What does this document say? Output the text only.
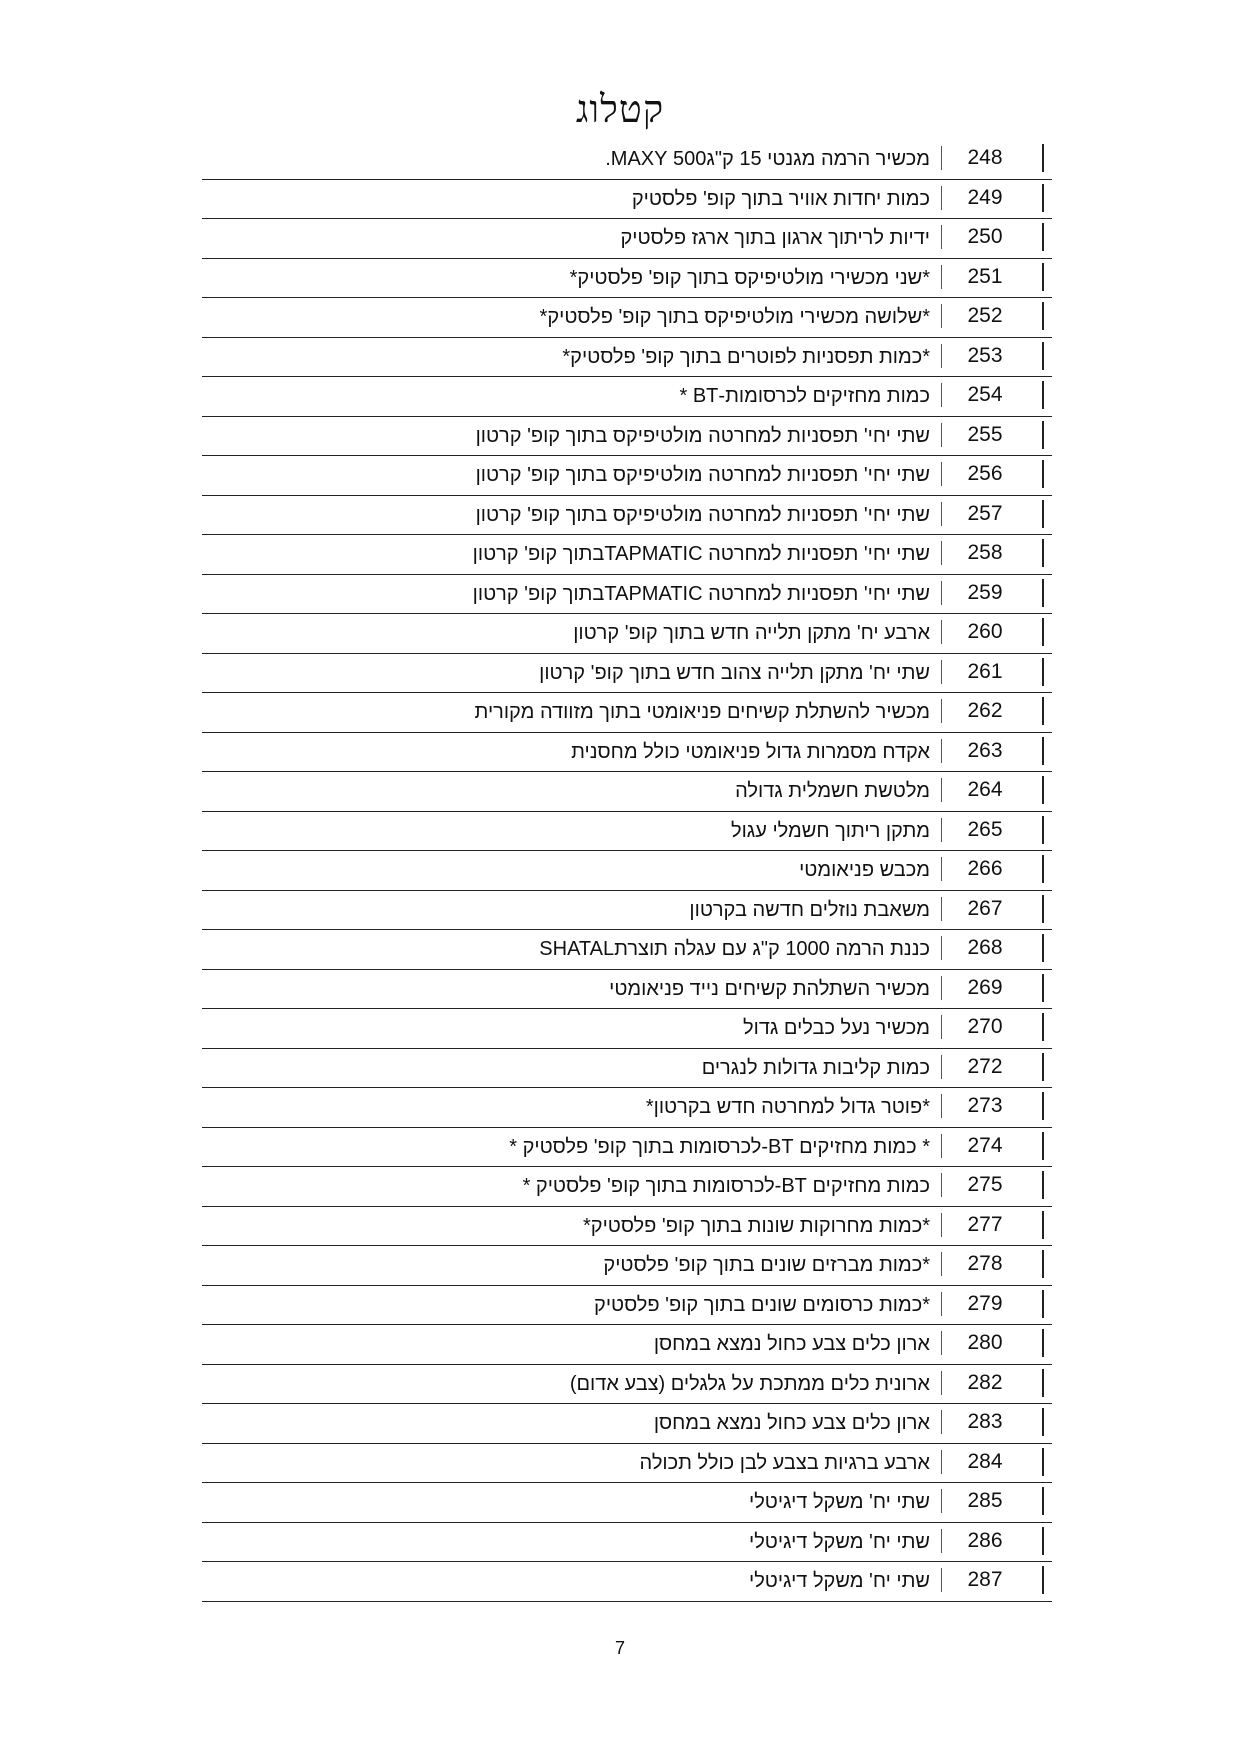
קטלוג
248
מכשיר הרמה מגנטי 15 ק"ג500 MAXY.
249
כמות יחדות אוויר בתוך קופ' פלסטיק
250
ידיות לריתוך ארגון בתוך ארגז פלסטיק
251
*שני מכשירי מולטיפיקס בתוך קופ' פלסטיק*
252
*שלושה מכשירי מולטיפיקס בתוך קופ' פלסטיק*
253
*כמות תפסניות לפוטרים בתוך קופ' פלסטיק*
254
כמות מחזיקים לכרסומות-BT *
255
שתי יחי' תפסניות למחרטה מולטיפיקס בתוך קופ' קרטון
256
שתי יחי' תפסניות למחרטה מולטיפיקס בתוך קופ' קרטון
257
שתי יחי' תפסניות למחרטה מולטיפיקס בתוך קופ' קרטון
258
שתי יחי' תפסניות למחרטה TAPMATICבתוך קופ' קרטון
259
שתי יחי' תפסניות למחרטה TAPMATICבתוך קופ' קרטון
260
ארבע יח' מתקן תלייה חדש בתוך קופ' קרטון
261
שתי יח' מתקן תלייה צהוב חדש בתוך קופ' קרטון
262
מכשיר להשתלת קשיחים פניאומטי בתוך מזוודה מקורית
263
אקדח מסמרות גדול פניאומטי כולל מחסנית
264
מלטשת חשמלית גדולה
265
מתקן ריתוך חשמלי עגול
266
מכבש פניאומטי
267
משאבת נוזלים חדשה בקרטון
268
כננת הרמה 1000 ק"ג עם עגלה תוצרתSHATAL
269
מכשיר השתלהת קשיחים נייד פניאומטי
270
מכשיר נעל כבלים גדול
272
כמות קליבות גדולות לנגרים
273
*פוטר גדול למחרטה חדש בקרטון*
274
* כמות מחזיקים BT-לכרסומות בתוך קופ' פלסטיק *
275
כמות מחזיקים BT-לכרסומות בתוך קופ' פלסטיק *
277
*כמות מחרוקות שונות בתוך קופ' פלסטיק*
278
*כמות מברזים שונים בתוך קופ' פלסטיק
279
*כמות כרסומים שונים בתוך קופ' פלסטיק
280
ארון כלים צבע כחול נמצא במחסן
282
ארונית כלים ממתכת על גלגלים (צבע אדום)
283
ארון כלים צבע כחול נמצא במחסן
284
ארבע ברגיות בצבע לבן כולל תכולה
285
שתי יח' משקל דיגיטלי
286
שתי יח' משקל דיגיטלי
287
שתי יח' משקל דיגיטלי
7
